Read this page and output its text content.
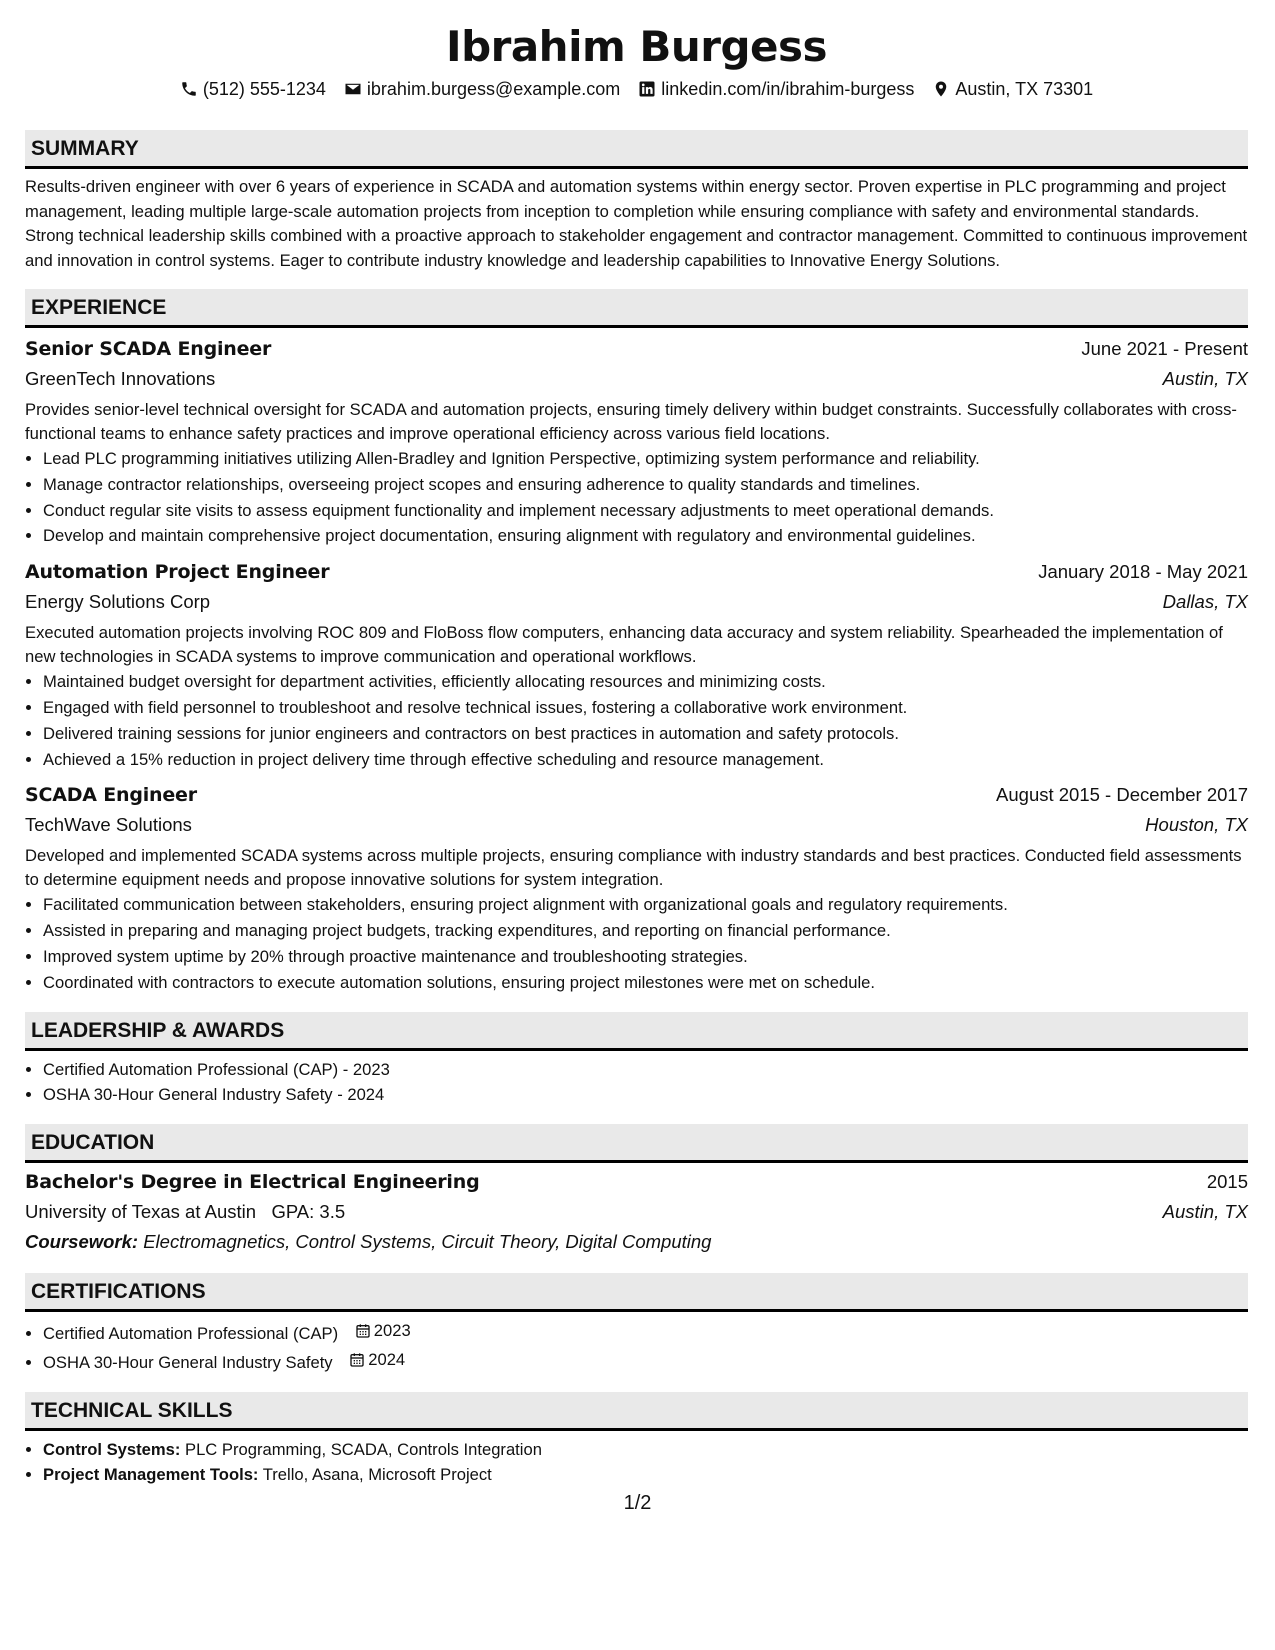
Ibrahim Burgess
(512) 555-1234 ibrahim.burgess@example.com linkedin.com/in/ibrahim-burgess Austin, TX 73301
SUMMARY
Results-driven engineer with over 6 years of experience in SCADA and automation systems within energy sector. Proven expertise in PLC programming and project management, leading multiple large-scale automation projects from inception to completion while ensuring compliance with safety and environmental standards. Strong technical leadership skills combined with a proactive approach to stakeholder engagement and contractor management. Committed to continuous improvement and innovation in control systems. Eager to contribute industry knowledge and leadership capabilities to Innovative Energy Solutions.
EXPERIENCE
Senior SCADA Engineer	June 2021 - Present
GreenTech Innovations	Austin, TX
Provides senior-level technical oversight for SCADA and automation projects, ensuring timely delivery within budget constraints. Successfully collaborates with cross-functional teams to enhance safety practices and improve operational efficiency across various field locations.
• Lead PLC programming initiatives utilizing Allen-Bradley and Ignition Perspective, optimizing system performance and reliability.
• Manage contractor relationships, overseeing project scopes and ensuring adherence to quality standards and timelines.
• Conduct regular site visits to assess equipment functionality and implement necessary adjustments to meet operational demands.
• Develop and maintain comprehensive project documentation, ensuring alignment with regulatory and environmental guidelines.
Automation Project Engineer	January 2018 - May 2021
Energy Solutions Corp	Dallas, TX
Executed automation projects involving ROC 809 and FloBoss flow computers, enhancing data accuracy and system reliability. Spearheaded the implementation of new technologies in SCADA systems to improve communication and operational workflows.
• Maintained budget oversight for department activities, efficiently allocating resources and minimizing costs.
• Engaged with field personnel to troubleshoot and resolve technical issues, fostering a collaborative work environment.
• Delivered training sessions for junior engineers and contractors on best practices in automation and safety protocols.
• Achieved a 15% reduction in project delivery time through effective scheduling and resource management.
SCADA Engineer	August 2015 - December 2017
TechWave Solutions	Houston, TX
Developed and implemented SCADA systems across multiple projects, ensuring compliance with industry standards and best practices. Conducted field assessments to determine equipment needs and propose innovative solutions for system integration.
• Facilitated communication between stakeholders, ensuring project alignment with organizational goals and regulatory requirements.
• Assisted in preparing and managing project budgets, tracking expenditures, and reporting on financial performance.
• Improved system uptime by 20% through proactive maintenance and troubleshooting strategies.
• Coordinated with contractors to execute automation solutions, ensuring project milestones were met on schedule.
LEADERSHIP & AWARDS
• Certified Automation Professional (CAP) - 2023
• OSHA 30-Hour General Industry Safety - 2024
EDUCATION
Bachelor's Degree in Electrical Engineering	2015
University of Texas at Austin GPA: 3.5	Austin, TX
Coursework: Electromagnetics, Control Systems, Circuit Theory, Digital Computing
CERTIFICATIONS
• Certified Automation Professional (CAP) 2023
• OSHA 30-Hour General Industry Safety 2024
TECHNICAL SKILLS
• Control Systems: PLC Programming, SCADA, Controls Integration
• Project Management Tools: Trello, Asana, Microsoft Project
1/2
